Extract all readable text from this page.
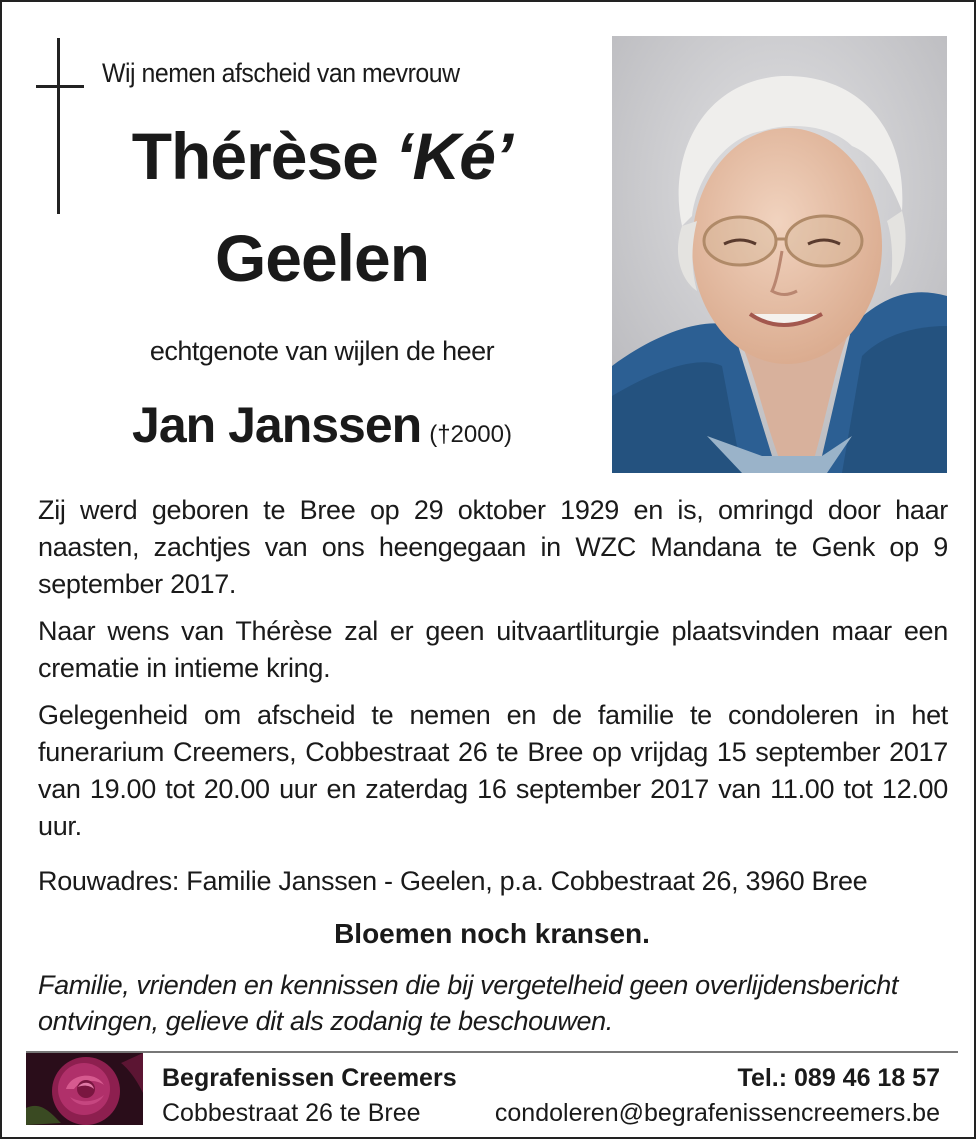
Wij nemen afscheid van mevrouw
Thérèse ‘Ké’
Geelen
echtgenote van wijlen de heer
Jan Janssen (†2000)

Zij werd geboren te Bree op 29 oktober 1929 en is, omringd door haar naasten, zachtjes van ons heengegaan in WZC Mandana te Genk op 9 september 2017.

Naar wens van Thérèse zal er geen uitvaartliturgie plaatsvinden maar een crematie in intieme kring.

Gelegenheid om afscheid te nemen en de familie te condoleren in het funerarium Creemers, Cobbestraat 26 te Bree op vrijdag 15 september 2017 van 19.00 tot 20.00 uur en zaterdag 16 september 2017 van 11.00 tot 12.00 uur.

Rouwadres: Familie Janssen - Geelen, p.a. Cobbestraat 26, 3960 Bree
Bloemen noch kransen.
Familie, vrienden en kennissen die bij vergetelheid geen overlijdensbericht ontvingen, gelieve dit als zodanig te beschouwen.
Begrafenissen Creemers
Cobbestraat 26 te Bree
Tel.: 089 46 18 57
condoleren@begrafenissencreemers.be
